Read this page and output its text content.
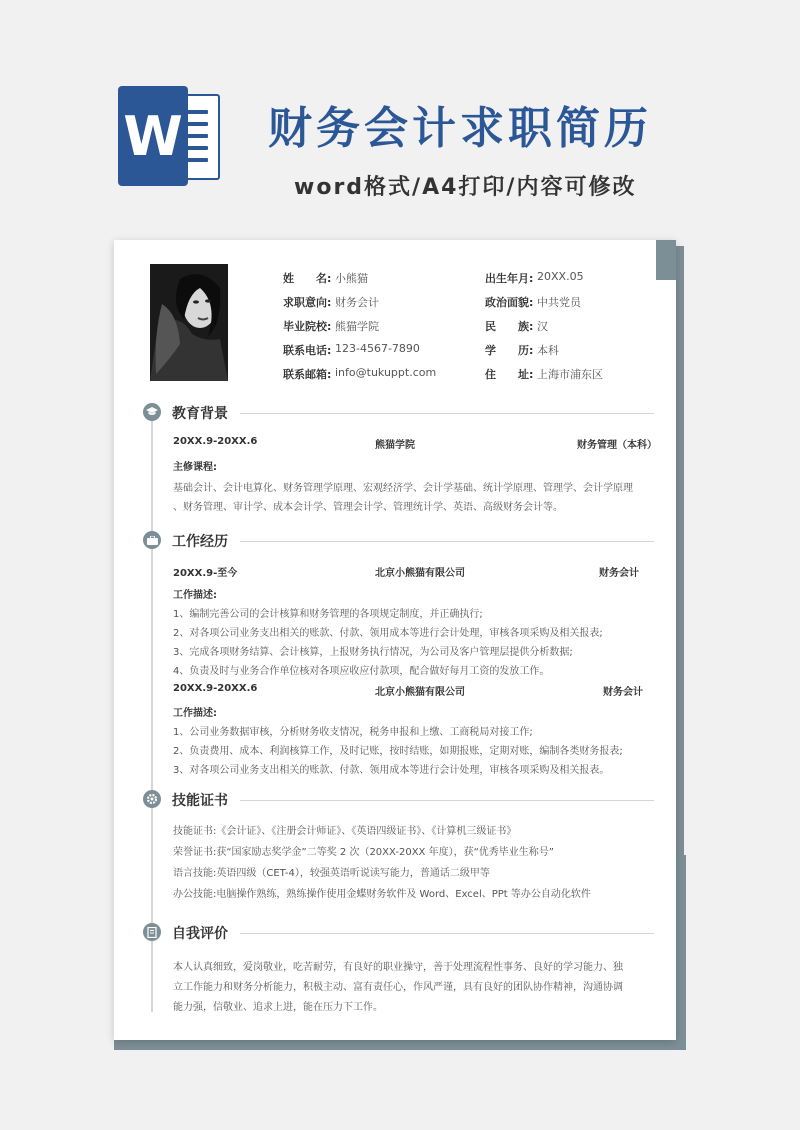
W 财务会计求职简历
word格式/A4打印/内容可修改
姓　　名: 小熊猫
求职意向: 财务会计
毕业院校: 熊猫学院
联系电话: 123-4567-7890
联系邮箱: info@tukuppt.com
出生年月: 20XX.05
政治面貌: 中共党员
民　　族: 汉
学　　历: 本科
住　　址: 上海市浦东区
教育背景
20XX.9-20XX.6	熊猫学院	财务管理（本科）
主修课程:
基础会计、会计电算化、财务管理学原理、宏观经济学、会计学基础、统计学原理、管理学、会计学原理
、财务管理、审计学、成本会计学、管理会计学、管理统计学、英语、高级财务会计等。
工作经历
20XX.9-至今	北京小熊猫有限公司	财务会计
工作描述:
1、编制完善公司的会计核算和财务管理的各项规定制度，并正确执行;
2、对各项公司业务支出相关的账款、付款、领用成本等进行会计处理，审核各项采购及相关报表;
3、完成各项财务结算、会计核算，上报财务执行情况，为公司及客户管理层提供分析数据;
4、负责及时与业务合作单位核对各项应收应付款项，配合做好每月工资的发放工作。
20XX.9-20XX.6	北京小熊猫有限公司	财务会计
工作描述:
1、公司业务数据审核，分析财务收支情况，税务申报和上缴、工商税局对接工作;
2、负责费用、成本、利润核算工作，及时记账，按时结账，如期报账，定期对账，编制各类财务报表;
3、对各项公司业务支出相关的账款、付款、领用成本等进行会计处理，审核各项采购及相关报表。
技能证书
技能证书:《会计证》、《注册会计师证》、《英语四级证书》、《计算机三级证书》
荣誉证书:获“国家励志奖学金”二等奖 2 次（20XX-20XX 年度），获“优秀毕业生称号”
语言技能:英语四级（CET-4），较强英语听说读写能力，普通话二级甲等
办公技能:电脑操作熟练，熟练操作使用金蝶财务软件及 Word、Excel、PPt 等办公自动化软件
自我评价
本人认真细致，爱岗敬业，吃苦耐劳，有良好的职业操守，善于处理流程性事务、良好的学习能力、独
立工作能力和财务分析能力，积极主动、富有责任心，作风严谨，具有良好的团队协作精神，沟通协调
能力强，信敬业、追求上进，能在压力下工作。
